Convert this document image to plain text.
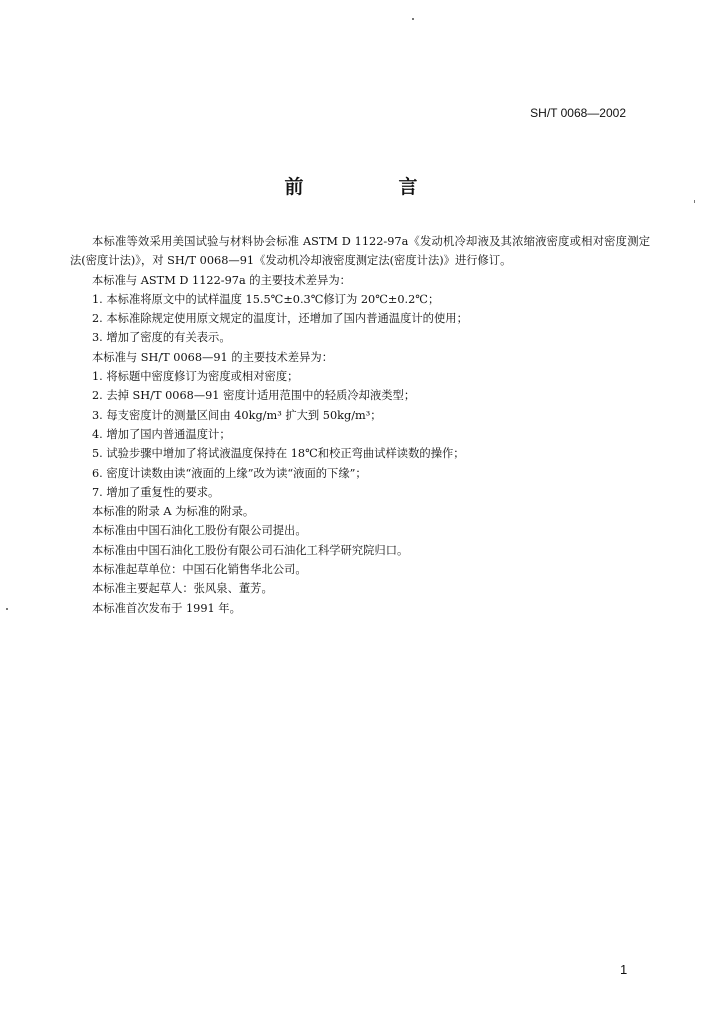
SH/T 0068—2002
前　言

本标准等效采用美国试验与材料协会标准 ASTM D 1122-97a《发动机冷却液及其浓缩液密度或相对密度测定法(密度计法)》，对 SH/T 0068—91《发动机冷却液密度测定法(密度计法)》进行修订。

本标准与 ASTM D 1122-97a 的主要技术差异为：

1. 本标准将原文中的试样温度 15.5℃±0.3℃修订为 20℃±0.2℃；

2. 本标准除规定使用原文规定的温度计，还增加了国内普通温度计的使用；

3. 增加了密度的有关表示。

本标准与 SH/T 0068—91 的主要技术差异为：

1. 将标题中密度修订为密度或相对密度；

2. 去掉 SH/T 0068—91 密度计适用范围中的轻质冷却液类型；

3. 每支密度计的测量区间由 40kg/m³ 扩大到 50kg/m³；

4. 增加了国内普通温度计；

5. 试验步骤中增加了将试液温度保持在 18℃和校正弯曲试样读数的操作；

6. 密度计读数由读“液面的上缘”改为读“液面的下缘”；

7. 增加了重复性的要求。

本标准的附录 A 为标准的附录。

本标准由中国石油化工股份有限公司提出。

本标准由中国石油化工股份有限公司石油化工科学研究院归口。

本标准起草单位：中国石化销售华北公司。

本标准主要起草人：张风泉、董芳。

本标准首次发布于 1991 年。

1
